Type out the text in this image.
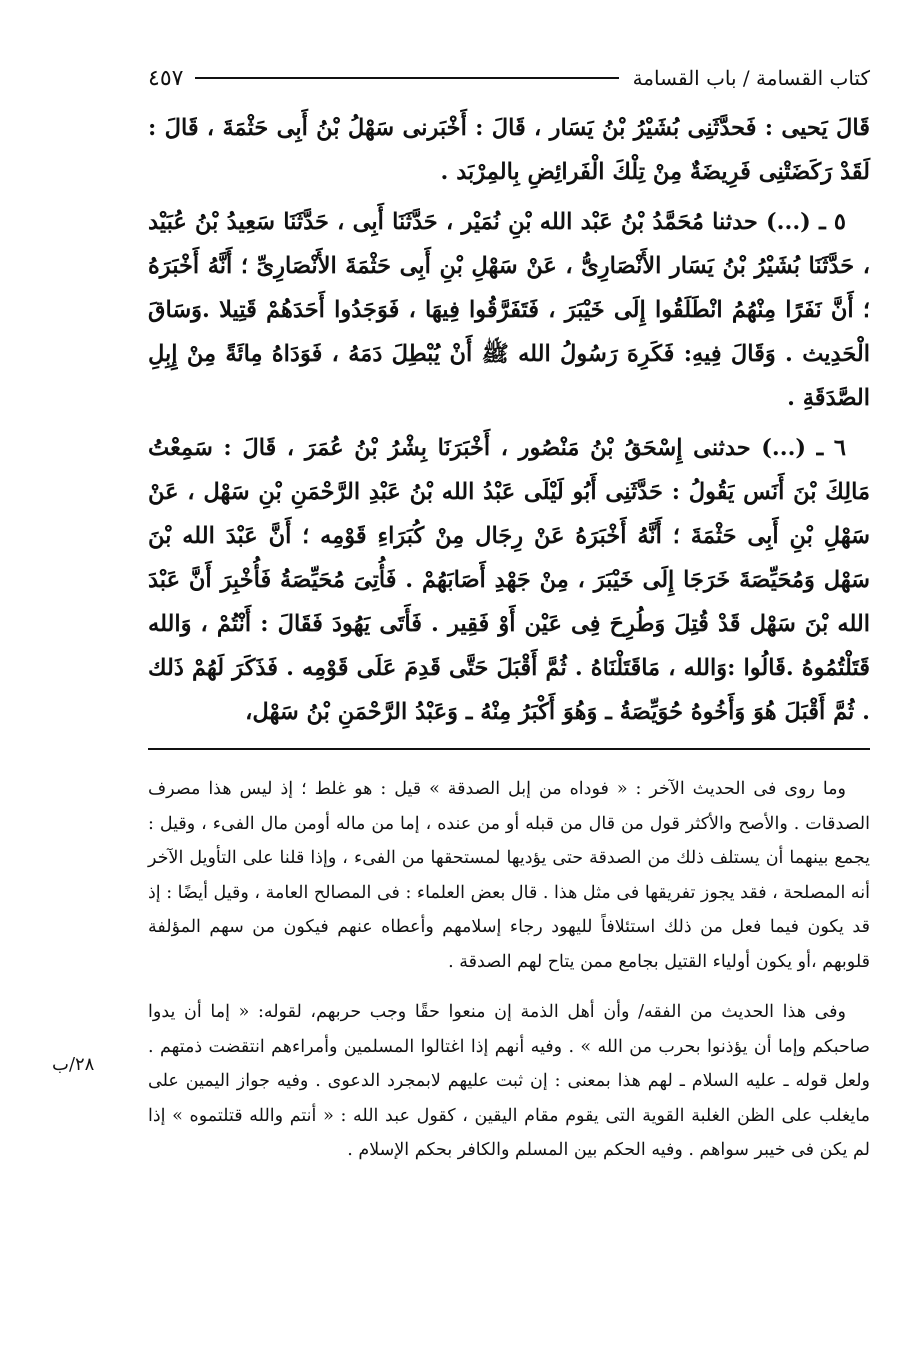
كتاب القسامة / باب القسامة
٤٥٧

قَالَ يَحيى : فَحدَّثَنِى بُشَيْرُ بْنُ يَسَار ، قَالَ : أَخْبَرنى سَهْلُ بْنُ أَبِى حَثْمَةَ ، قَالَ : لَقَدْ رَكَضَتْنِى فَرِيضَةٌ مِنْ تِلْكَ الْفَرائِضِ بِالمِرْبَد .

٥ ـ (...) حدثنا مُحَمَّدُ بْنُ عَبْد الله بْنِ نُمَيْر ، حَدَّثَنَا أَبِى ، حَدَّثَنَا سَعِيدُ بْنُ عُبَيْد ، حَدَّثَنَا بُشَيْرُ بْنُ يَسَار الأَنْصَارِىُّ ، عَنْ سَهْلِ بْنِ أَبِى حَثْمَةَ الأَنْصَارِىِّ ؛ أَنَّهُ أَخْبَرَهُ ؛ أَنَّ نَفَرًا مِنْهُمُ انْطَلَقُوا إِلَى خَيْبَرَ ، فَتَفَرَّقُوا فِيهَا ، فَوَجَدُوا أَحَدَهُمْ قَتِيلا .وَسَاقَ الْحَدِيث . وَقَالَ فِيهِ: فَكَرِهَ رَسُولُ الله ﷺ أَنْ يُبْطِلَ دَمَهُ ، فَوَدَاهُ مِائَةً مِنْ إِبِلِ الصَّدَقَةِ .

٦ ـ (...) حدثنى إِسْحَقُ بْنُ مَنْصُور ، أَخْبَرَنَا بِشْرُ بْنُ عُمَرَ ، قَالَ : سَمِعْتُ مَالِكَ بْنَ أَنَس يَقُولُ : حَدَّثَنِى أَبُو لَيْلَى عَبْدُ الله بْنُ عَبْدِ الرَّحْمَنِ بْنِ سَهْل ، عَنْ سَهْلِ بْنِ أَبِى حَثْمَةَ ؛ أَنَّهُ أَخْبَرَهُ عَنْ رِجَال مِنْ كُبَرَاءِ قَوْمِه ؛ أَنَّ عَبْدَ الله بْنَ سَهْل وَمُحَيِّصَةَ خَرَجَا إِلَى خَيْبَرَ ، مِنْ جَهْدِ أَصَابَهُمْ . فَأُتِىَ مُحَيِّصَةُ فَأُخْبِرَ أَنَّ عَبْدَ الله بْنَ سَهْل قَدْ قُتِلَ وَطُرِحَ فِى عَيْن أَوْ فَقِير . فَأَتَى يَهُودَ فَقَالَ : أَنْتُمْ ، وَالله قَتَلْتُمُوهُ .قَالُوا :وَالله ، مَاقَتَلْنَاهُ . ثُمَّ أَقْبَلَ حَتَّى قَدِمَ عَلَى قَوْمِه . فَذَكَرَ لَهُمْ ذَلك . ثُمَّ أَقْبَلَ هُوَ وَأَخُوهُ حُوَيِّصَةُ ـ وَهُوَ أَكْبَرُ مِنْهُ ـ وَعَبْدُ الرَّحْمَنِ بْنُ سَهْل،

وما روى فى الحديث الآخر : « فوداه من إبل الصدقة » قيل : هو غلط ؛ إذ ليس هذا مصرف الصدقات . والأصح والأكثر قول من قال من قبله أو من عنده ، إما من ماله أومن مال الفىء ، وقيل : يجمع بينهما أن يستلف ذلك من الصدقة حتى يؤديها لمستحقها من الفىء ، وإذا قلنا على التأويل الآخر أنه المصلحة ، فقد يجوز تفريقها فى مثل هذا . قال بعض العلماء : فى المصالح العامة ، وقيل أيضًا : إذ قد يكون فيما فعل من ذلك استئلافاً لليهود رجاء إسلامهم وأعطاه عنهم فيكون من سهم المؤلفة قلوبهم ،أو يكون أولياء القتيل بجامع ممن يتاح لهم الصدقة .

وفى هذا الحديث من الفقه/ وأن أهل الذمة إن منعوا حقًا وجب حربهم، لقوله: « إما أن يدوا صاحبكم وإما أن يؤذنوا بحرب من الله » . وفيه أنهم إذا اغتالوا المسلمين وأمراءهم انتقضت ذمتهم . ولعل قوله ـ عليه السلام ـ لهم هذا بمعنى : إن ثبت عليهم لابمجرد الدعوى . وفيه جواز اليمين على مايغلب على الظن الغلبة القوية التى يقوم مقام اليقين ، كقول عبد الله : « أنتم والله قتلتموه » إذا لم يكن فى خيبر سواهم . وفيه الحكم بين المسلم والكافر بحكم الإسلام .

٢٨/ب
